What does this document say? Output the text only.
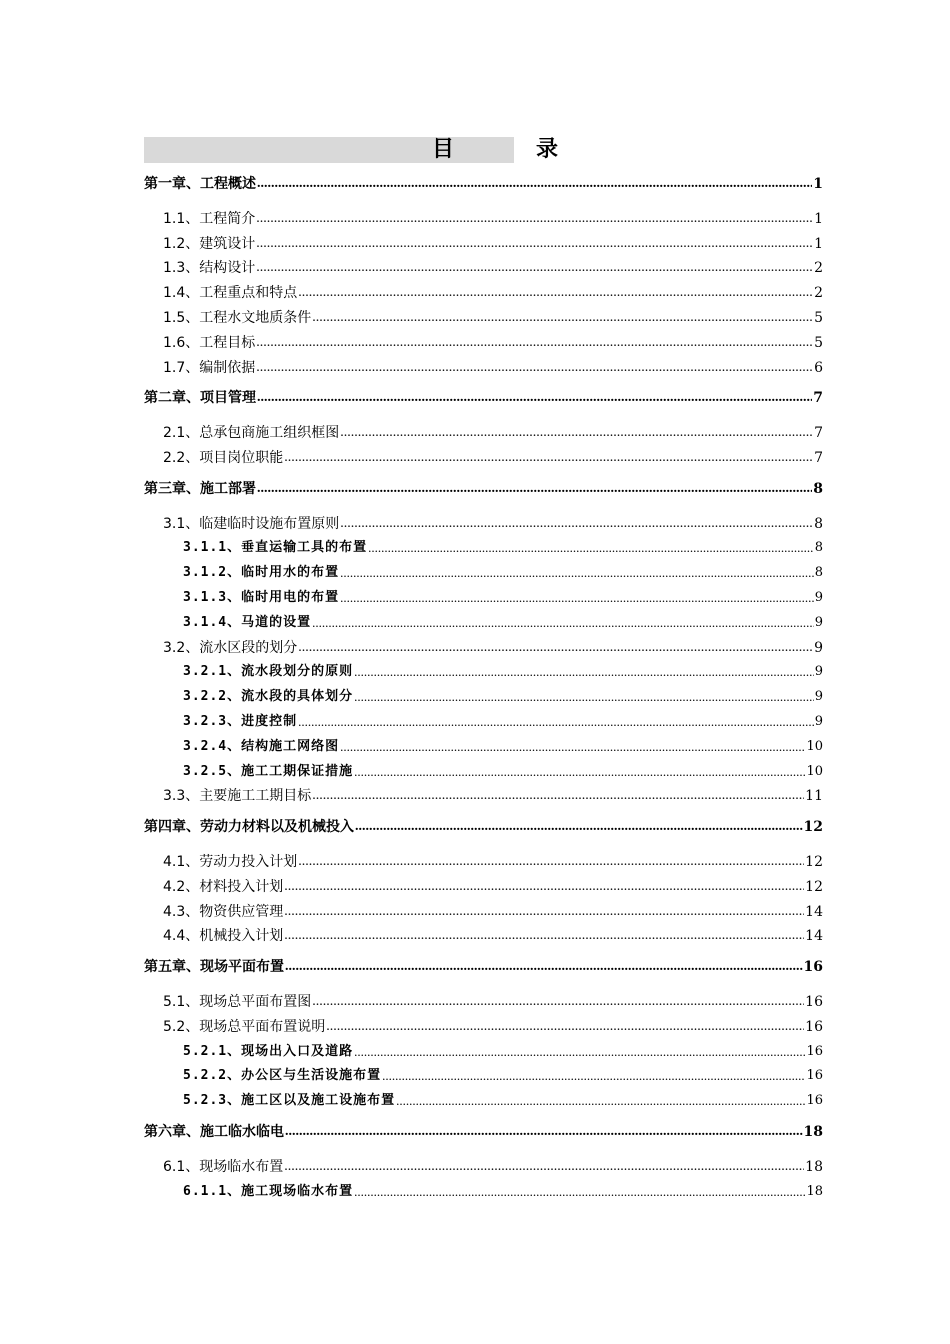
目　录
第一章、工程概述 .....	1
1.1、工程简介 .....	1
1.2、建筑设计 .....	1
1.3、结构设计 .....	2
1.4、工程重点和特点 .....	2
1.5、工程水文地质条件 .....	5
1.6、工程目标 .....	5
1.7、编制依据 .....	6
第二章、项目管理 .....	7
2.1、总承包商施工组织框图 .....	7
2.2、项目岗位职能 .....	7
第三章、施工部署 .....	8
3.1、临建临时设施布置原则 .....	8
3.1.1、垂直运输工具的布置 .....	8
3.1.2、临时用水的布置 .....	8
3.1.3、临时用电的布置 .....	9
3.1.4、马道的设置 .....	9
3.2、流水区段的划分 .....	9
3.2.1、流水段划分的原则 .....	9
3.2.2、流水段的具体划分 .....	9
3.2.3、进度控制 .....	9
3.2.4、结构施工网络图 .....	10
3.2.5、施工工期保证措施 .....	10
3.3、主要施工工期目标 .....	11
第四章、劳动力材料以及机械投入 .....	12
4.1、劳动力投入计划 .....	12
4.2、材料投入计划 .....	12
4.3、物资供应管理 .....	14
4.4、机械投入计划 .....	14
第五章、现场平面布置 .....	16
5.1、现场总平面布置图 .....	16
5.2、现场总平面布置说明 .....	16
5.2.1、现场出入口及道路 .....	16
5.2.2、办公区与生活设施布置 .....	16
5.2.3、施工区以及施工设施布置 .....	16
第六章、施工临水临电 .....	18
6.1、现场临水布置 .....	18
6.1.1、施工现场临水布置 .....	18
